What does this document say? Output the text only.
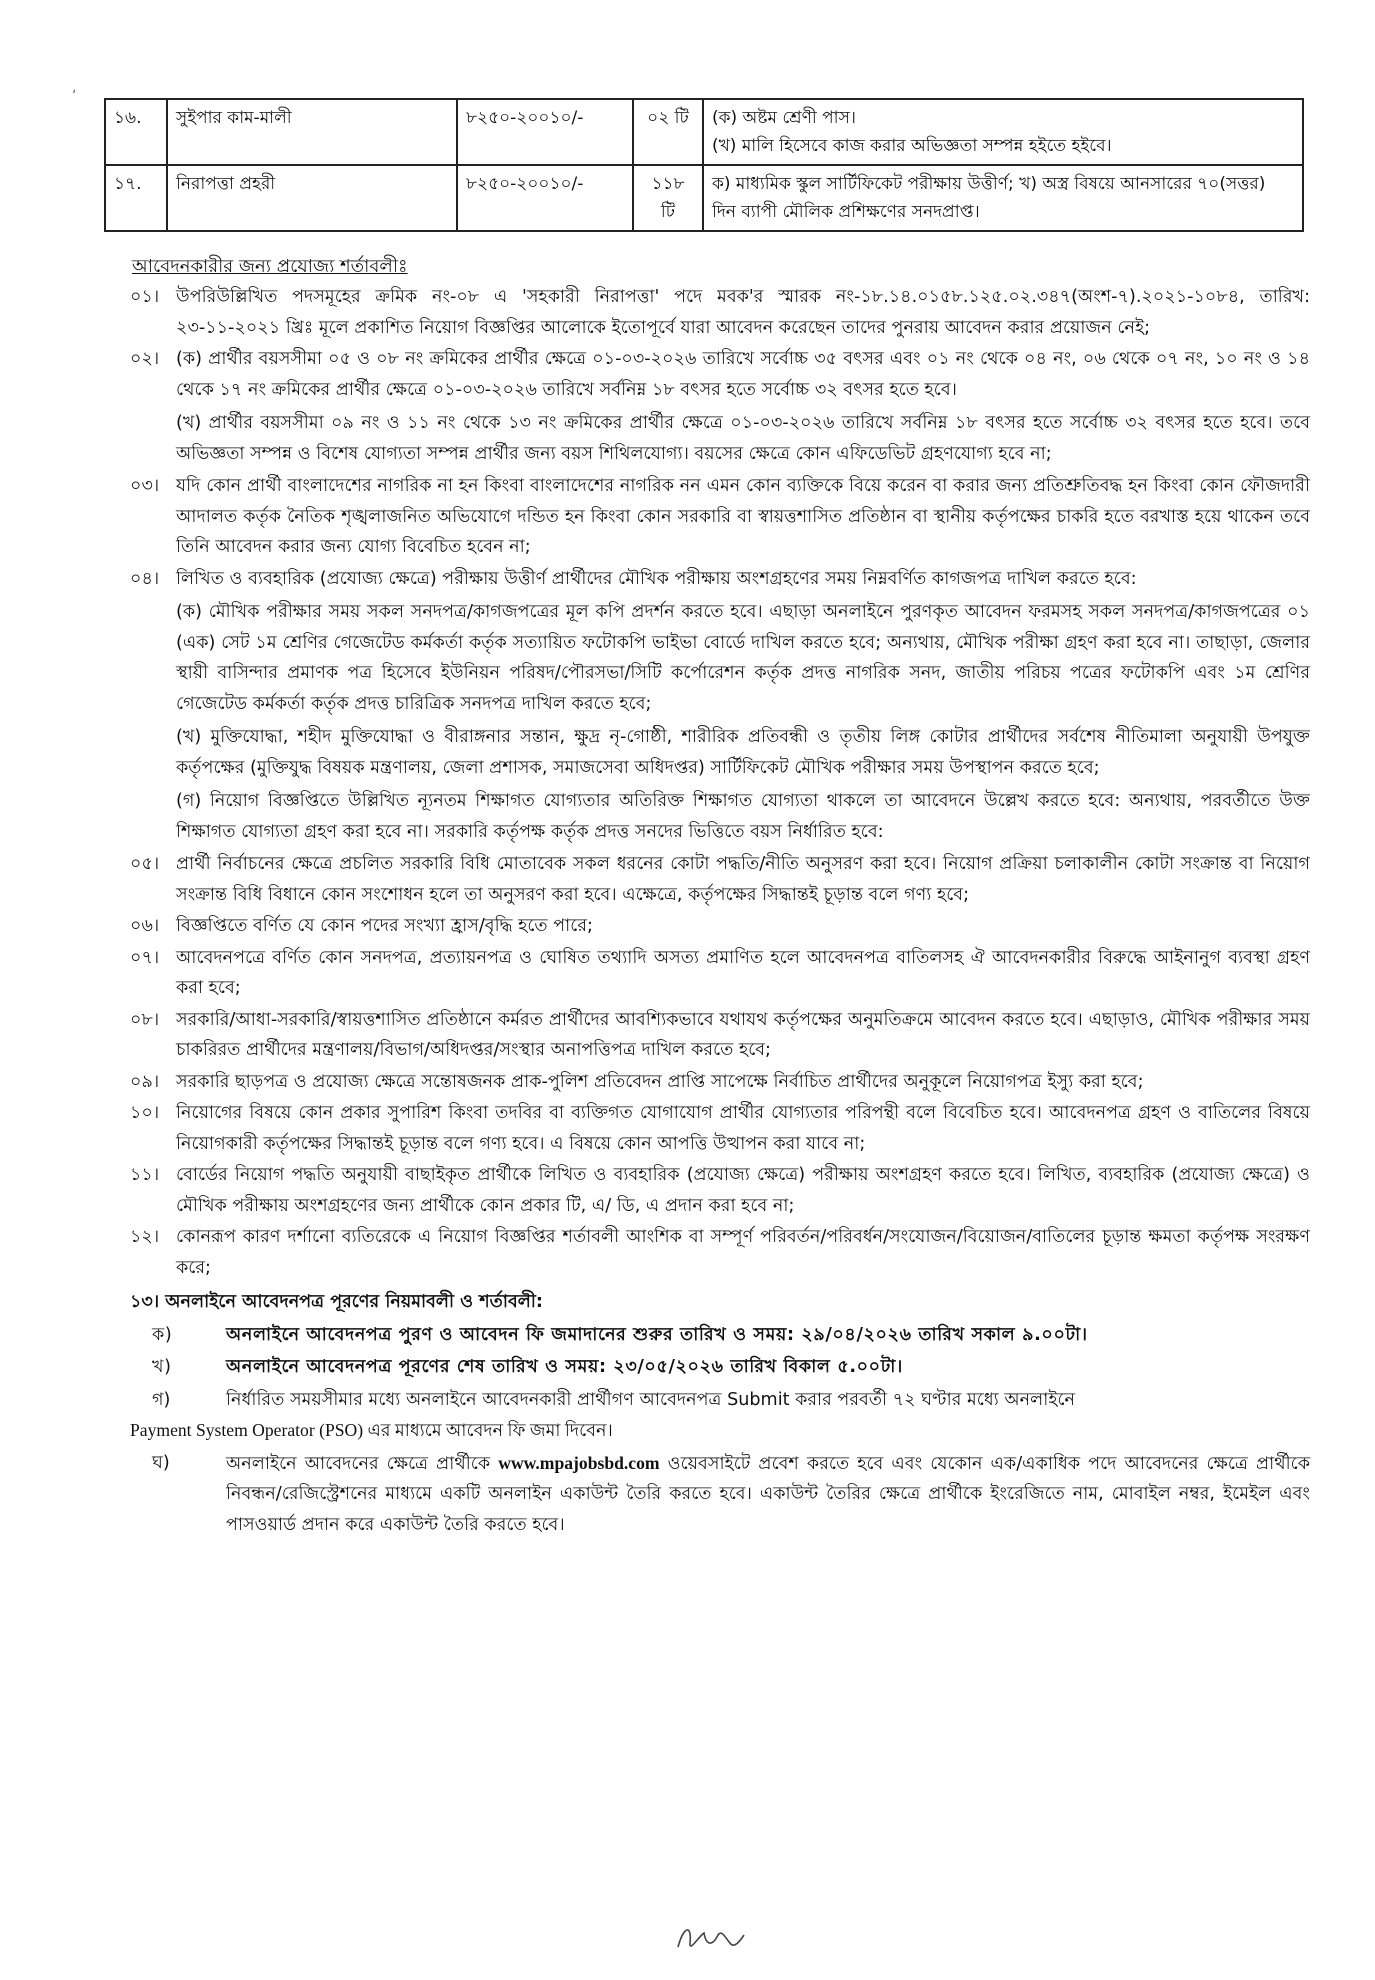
‘
১৬.	সুইপার কাম-মালী	৮২৫০-২০০১০/-	০২ টি	(ক) অষ্টম শ্রেণী পাস।
(খ) মালি হিসেবে কাজ করার অভিজ্ঞতা সম্পন্ন হইতে হইবে।

১৭.	নিরাপত্তা প্রহরী	৮২৫০-২০০১০/-	১১৮ টি	ক) মাধ্যমিক স্কুল সার্টিফিকেট পরীক্ষায় উত্তীর্ণ; খ) অস্ত্র বিষয়ে আনসারের ৭০(সত্তর) দিন ব্যাপী মৌলিক প্রশিক্ষণের সনদপ্রাপ্ত।
আবেদনকারীর জন্য প্রযোজ্য শর্তাবলীঃ
০১। উপরিউল্লিখিত পদসমূহের ক্রমিক নং-০৮ এ 'সহকারী নিরাপত্তা' পদে মবক'র স্মারক নং-১৮.১৪.০১৫৮.১২৫.০২.৩৪৭(অংশ-৭).২০২১-১০৮৪, তারিখ: ২৩-১১-২০২১ খ্রিঃ মূলে প্রকাশিত নিয়োগ বিজ্ঞপ্তির আলোকে ইতোপূর্বে যারা আবেদন করেছেন তাদের পুনরায় আবেদন করার প্রয়োজন নেই;
০২। (ক) প্রার্থীর বয়সসীমা ০৫ ও ০৮ নং ক্রমিকের প্রার্থীর ক্ষেত্রে ০১-০৩-২০২৬ তারিখে সর্বোচ্চ ৩৫ বৎসর এবং ০১ নং থেকে ০৪ নং, ০৬ থেকে ০৭ নং, ১০ নং ও ১৪ থেকে ১৭ নং ক্রমিকের প্রার্থীর ক্ষেত্রে ০১-০৩-২০২৬ তারিখে সর্বনিম্ন ১৮ বৎসর হতে সর্বোচ্চ ৩২ বৎসর হতে হবে।
(খ) প্রার্থীর বয়সসীমা ০৯ নং ও ১১ নং থেকে ১৩ নং ক্রমিকের প্রার্থীর ক্ষেত্রে ০১-০৩-২০২৬ তারিখে সর্বনিম্ন ১৮ বৎসর হতে সর্বোচ্চ ৩২ বৎসর হতে হবে। তবে অভিজ্ঞতা সম্পন্ন ও বিশেষ যোগ্যতা সম্পন্ন প্রার্থীর জন্য বয়স শিথিলযোগ্য। বয়সের ক্ষেত্রে কোন এফিডেভিট গ্রহণযোগ্য হবে না;
০৩। যদি কোন প্রার্থী বাংলাদেশের নাগরিক না হন কিংবা বাংলাদেশের নাগরিক নন এমন কোন ব্যক্তিকে বিয়ে করেন বা করার জন্য প্রতিশ্রুতিবদ্ধ হন কিংবা কোন ফৌজদারী আদালত কর্তৃক নৈতিক শৃঙ্খলাজনিত অভিযোগে দন্ডিত হন কিংবা কোন সরকারি বা স্বায়ত্তশাসিত প্রতিষ্ঠান বা স্থানীয় কর্তৃপক্ষের চাকরি হতে বরখাস্ত হয়ে থাকেন তবে তিনি আবেদন করার জন্য যোগ্য বিবেচিত হবেন না;
০৪। লিখিত ও ব্যবহারিক (প্রযোজ্য ক্ষেত্রে) পরীক্ষায় উত্তীর্ণ প্রার্থীদের মৌখিক পরীক্ষায় অংশগ্রহণের সময় নিম্নবর্ণিত কাগজপত্র দাখিল করতে হবে:
(ক) মৌখিক পরীক্ষার সময় সকল সনদপত্র/কাগজপত্রের মূল কপি প্রদর্শন করতে হবে। এছাড়া অনলাইনে পুরণকৃত আবেদন ফরমসহ সকল সনদপত্র/কাগজপত্রের ০১ (এক) সেট ১ম শ্রেণির গেজেটেড কর্মকর্তা কর্তৃক সত্যায়িত ফটোকপি ভাইভা বোর্ডে দাখিল করতে হবে; অন্যথায়, মৌখিক পরীক্ষা গ্রহণ করা হবে না। তাছাড়া, জেলার স্থায়ী বাসিন্দার প্রমাণক পত্র হিসেবে ইউনিয়ন পরিষদ/পৌরসভা/সিটি কর্পোরেশন কর্তৃক প্রদত্ত নাগরিক সনদ, জাতীয় পরিচয় পত্রের ফটোকপি এবং ১ম শ্রেণির গেজেটেড কর্মকর্তা কর্তৃক প্রদত্ত চারিত্রিক সনদপত্র দাখিল করতে হবে;
(খ) মুক্তিযোদ্ধা, শহীদ মুক্তিযোদ্ধা ও বীরাঙ্গনার সন্তান, ক্ষুদ্র নৃ-গোষ্ঠী, শারীরিক প্রতিবন্ধী ও তৃতীয় লিঙ্গ কোটার প্রার্থীদের সর্বশেষ নীতিমালা অনুযায়ী উপযুক্ত কর্তৃপক্ষের (মুক্তিযুদ্ধ বিষয়ক মন্ত্রণালয়, জেলা প্রশাসক, সমাজসেবা অধিদপ্তর) সার্টিফিকেট মৌখিক পরীক্ষার সময় উপস্থাপন করতে হবে;
(গ) নিয়োগ বিজ্ঞপ্তিতে উল্লিখিত ন্যূনতম শিক্ষাগত যোগ্যতার অতিরিক্ত শিক্ষাগত যোগ্যতা থাকলে তা আবেদনে উল্লেখ করতে হবে: অন্যথায়, পরবর্তীতে উক্ত শিক্ষাগত যোগ্যতা গ্রহণ করা হবে না। সরকারি কর্তৃপক্ষ কর্তৃক প্রদত্ত সনদের ভিত্তিতে বয়স নির্ধারিত হবে:
০৫। প্রার্থী নির্বাচনের ক্ষেত্রে প্রচলিত সরকারি বিধি মোতাবেক সকল ধরনের কোটা পদ্ধতি/নীতি অনুসরণ করা হবে। নিয়োগ প্রক্রিয়া চলাকালীন কোটা সংক্রান্ত বা নিয়োগ সংক্রান্ত বিধি বিধানে কোন সংশোধন হলে তা অনুসরণ করা হবে। এক্ষেত্রে, কর্তৃপক্ষের সিদ্ধান্তই চূড়ান্ত বলে গণ্য হবে;
০৬। বিজ্ঞপ্তিতে বর্ণিত যে কোন পদের সংখ্যা হ্রাস/বৃদ্ধি হতে পারে;
০৭। আবেদনপত্রে বর্ণিত কোন সনদপত্র, প্রত্যায়নপত্র ও ঘোষিত তথ্যাদি অসত্য প্রমাণিত হলে আবেদনপত্র বাতিলসহ ঐ আবেদনকারীর বিরুদ্ধে আইনানুগ ব্যবস্থা গ্রহণ করা হবে;
০৮। সরকারি/আধা-সরকারি/স্বায়ত্তশাসিত প্রতিষ্ঠানে কর্মরত প্রার্থীদের আবশ্যিকভাবে যথাযথ কর্তৃপক্ষের অনুমতিক্রমে আবেদন করতে হবে। এছাড়াও, মৌখিক পরীক্ষার সময় চাকরিরত প্রার্থীদের মন্ত্রণালয়/বিভাগ/অধিদপ্তর/সংস্থার অনাপত্তিপত্র দাখিল করতে হবে;
০৯। সরকারি ছাড়পত্র ও প্রযোজ্য ক্ষেত্রে সন্তোষজনক প্রাক-পুলিশ প্রতিবেদন প্রাপ্তি সাপেক্ষে নির্বাচিত প্রার্থীদের অনুকূলে নিয়োগপত্র ইস্যু করা হবে;
১০। নিয়োগের বিষয়ে কোন প্রকার সুপারিশ কিংবা তদবির বা ব্যক্তিগত যোগাযোগ প্রার্থীর যোগ্যতার পরিপন্থী বলে বিবেচিত হবে। আবেদনপত্র গ্রহণ ও বাতিলের বিষয়ে নিয়োগকারী কর্তৃপক্ষের সিদ্ধান্তই চূড়ান্ত বলে গণ্য হবে। এ বিষয়ে কোন আপত্তি উত্থাপন করা যাবে না;
১১। বোর্ডের নিয়োগ পদ্ধতি অনুযায়ী বাছাইকৃত প্রার্থীকে লিখিত ও ব্যবহারিক (প্রযোজ্য ক্ষেত্রে) পরীক্ষায় অংশগ্রহণ করতে হবে। লিখিত, ব্যবহারিক (প্রযোজ্য ক্ষেত্রে) ও মৌখিক পরীক্ষায় অংশগ্রহণের জন্য প্রার্থীকে কোন প্রকার টি, এ/ ডি, এ প্রদান করা হবে না;
১২। কোনরূপ কারণ দর্শানো ব্যতিরেকে এ নিয়োগ বিজ্ঞপ্তির শর্তাবলী আংশিক বা সম্পূর্ণ পরিবর্তন/পরিবর্ধন/সংযোজন/বিয়োজন/বাতিলের চূড়ান্ত ক্ষমতা কর্তৃপক্ষ সংরক্ষণ করে;
১৩। অনলাইনে আবেদনপত্র পূরণের নিয়মাবলী ও শর্তাবলী:
ক)	অনলাইনে আবেদনপত্র পুরণ ও আবেদন ফি জমাদানের শুরুর তারিখ ও সময়: ২৯/০৪/২০২৬ তারিখ সকাল ৯.০০টা।
খ)	অনলাইনে আবেদনপত্র পূরণের শেষ তারিখ ও সময়: ২৩/০৫/২০২৬ তারিখ বিকাল ৫.০০টা।
গ)	নির্ধারিত সময়সীমার মধ্যে অনলাইনে আবেদনকারী প্রার্থীগণ আবেদনপত্র Submit করার পরবর্তী ৭২ ঘণ্টার মধ্যে অনলাইনে
Payment System Operator (PSO) এর মাধ্যমে আবেদন ফি জমা দিবেন।
ঘ)	অনলাইনে আবেদনের ক্ষেত্রে প্রার্থীকে www.mpajobsbd.com ওয়েবসাইটে প্রবেশ করতে হবে এবং যেকোন এক/একাধিক পদে আবেদনের ক্ষেত্রে প্রার্থীকে নিবন্ধন/রেজিস্ট্রেশনের মাধ্যমে একটি অনলাইন একাউন্ট তৈরি করতে হবে। একাউন্ট তৈরির ক্ষেত্রে প্রার্থীকে ইংরেজিতে নাম, মোবাইল নম্বর, ইমেইল এবং পাসওয়ার্ড প্রদান করে একাউন্ট তৈরি করতে হবে।
